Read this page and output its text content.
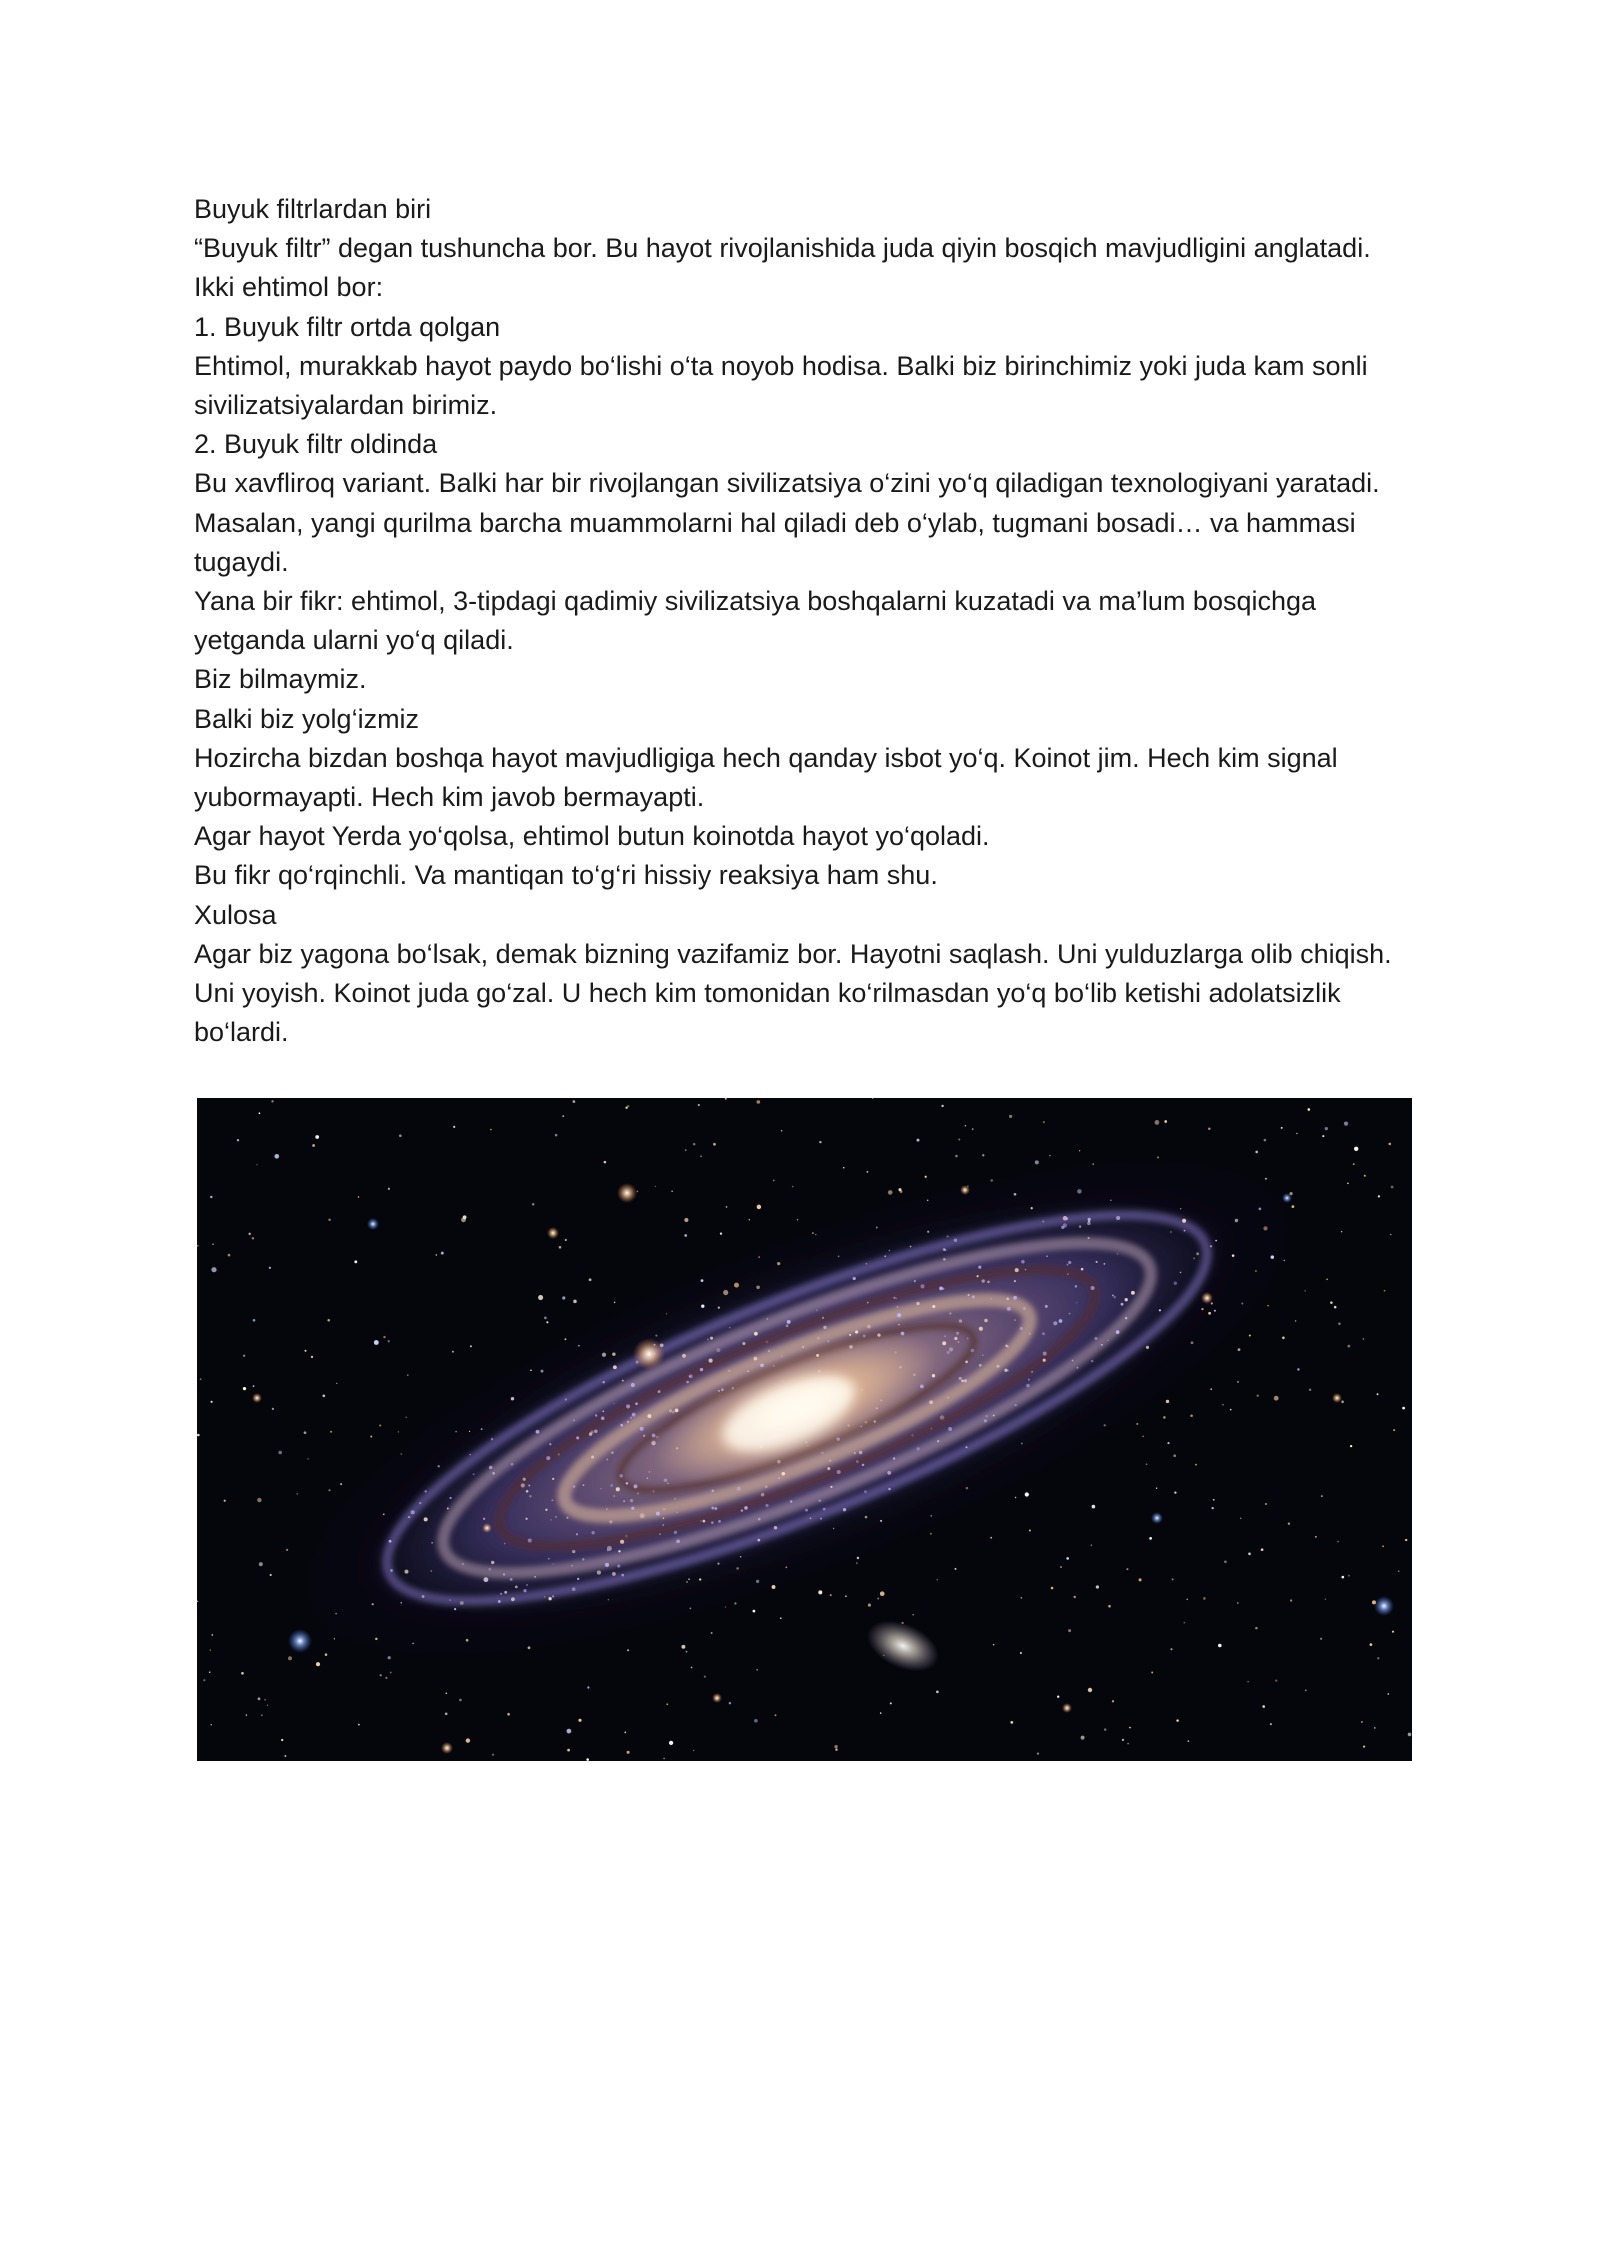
Buyuk filtrlardan biri

“Buyuk filtr” degan tushuncha bor. Bu hayot rivojlanishida juda qiyin bosqich mavjudligini anglatadi.

Ikki ehtimol bor:

1. Buyuk filtr ortda qolgan

Ehtimol, murakkab hayot paydo bo‘lishi o‘ta noyob hodisa. Balki biz birinchimiz yoki juda kam sonli sivilizatsiyalardan birimiz.

2. Buyuk filtr oldinda

Bu xavfliroq variant. Balki har bir rivojlangan sivilizatsiya o‘zini yo‘q qiladigan texnologiyani yaratadi. Masalan, yangi qurilma barcha muammolarni hal qiladi deb o‘ylab, tugmani bosadi… va hammasi tugaydi.

Yana bir fikr: ehtimol, 3-tipdagi qadimiy sivilizatsiya boshqalarni kuzatadi va ma’lum bosqichga yetganda ularni yo‘q qiladi.

Biz bilmaymiz.

Balki biz yolg‘izmiz

Hozircha bizdan boshqa hayot mavjudligiga hech qanday isbot yo‘q. Koinot jim. Hech kim signal yubormayapti. Hech kim javob bermayapti.

Agar hayot Yerda yo‘qolsa, ehtimol butun koinotda hayot yo‘qoladi.

Bu fikr qo‘rqinchli. Va mantiqan to‘g‘ri hissiy reaksiya ham shu.

Xulosa

Agar biz yagona bo‘lsak, demak bizning vazifamiz bor. Hayotni saqlash. Uni yulduzlarga olib chiqish. Uni yoyish. Koinot juda go‘zal. U hech kim tomonidan ko‘rilmasdan yo‘q bo‘lib ketishi adolatsizlik bo‘lardi.
